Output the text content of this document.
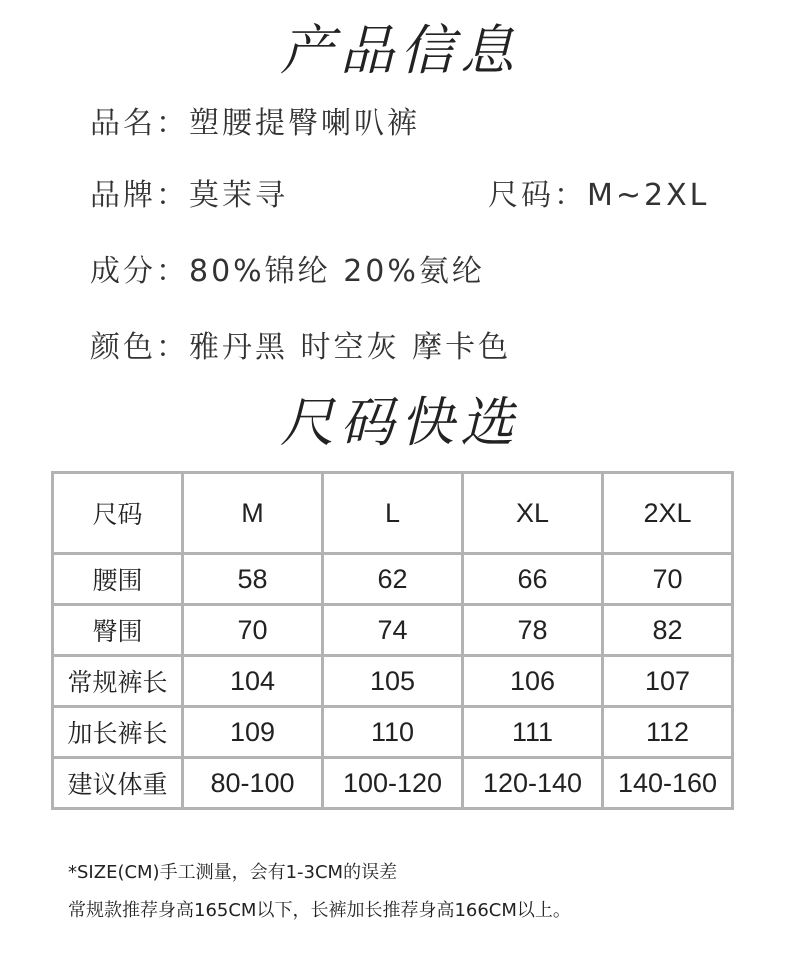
产品信息
品名：塑腰提臀喇叭裤
品牌：莫茉寻	尺码：M~2XL
成分：80%锦纶 20%氨纶
颜色：雅丹黑 时空灰 摩卡色
尺码快选
尺码	M	L	XL	2XL
腰围	58	62	66	70
臀围	70	74	78	82
常规裤长	104	105	106	107
加长裤长	109	110	111	112
建议体重	80-100	100-120	120-140	140-160
*SIZE(CM)手工测量，会有1-3CM的误差
常规款推荐身高165CM以下，长裤加长推荐身高166CM以上。
